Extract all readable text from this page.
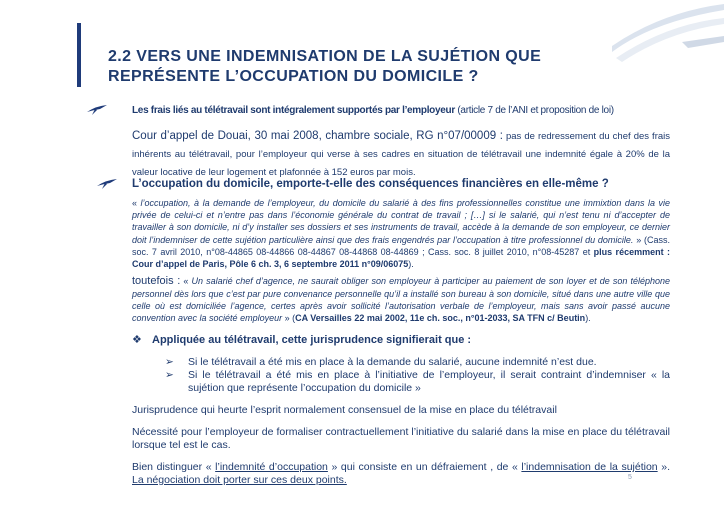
2.2 VERS UNE INDEMNISATION DE LA SUJÉTION QUE
REPRÉSENTE L’OCCUPATION DU DOMICILE ?
Les frais liés au télétravail sont intégralement supportés par l’employeur (article 7 de l’ANI et proposition de loi)
Cour d’appel de Douai, 30 mai 2008, chambre sociale, RG n°07/00009 : pas de redressement du chef des frais inhérents au télétravail, pour l’employeur qui verse à ses cadres en situation de télétravail une indemnité égale à 20% de la valeur locative de leur logement et plafonnée à 152 euros par mois.
L’occupation du domicile, emporte-t-elle des conséquences financières en elle-même ?
« l’occupation, à la demande de l’employeur, du domicile du salarié à des fins professionnelles constitue une immixtion dans la vie privée de celui-ci et n’entre pas dans l’économie générale du contrat de travail ; […] si le salarié, qui n’est tenu ni d’accepter de travailler à son domicile, ni d’y installer ses dossiers et ses instruments de travail, accède à la demande de son employeur, ce dernier doit l’indemniser de cette sujétion particulière ainsi que des frais engendrés par l’occupation à titre professionnel du domicile. » (Cass. soc. 7 avril 2010, n°08-44865 08-44866 08-44867 08-44868 08-44869 ; Cass. soc. 8 juillet 2010, n°08-45287 et plus récemment : Cour d’appel de Paris, Pôle 6 ch. 3, 6 septembre 2011 n°09/06075).
toutefois : « Un salarié chef d’agence, ne saurait obliger son employeur à participer au paiement de son loyer et de son téléphone personnel dès lors que c’est par pure convenance personnelle qu’il a installé son bureau à son domicile, situé dans une autre ville que celle où est domiciliée l’agence, certes après avoir sollicité l’autorisation verbale de l’employeur, mais sans avoir passé aucune convention avec la société employeur » (CA Versailles 22 mai 2002, 11e ch. soc., n°01-2033, SA TFN c/ Beutin).
❖ Appliquée au télétravail, cette jurisprudence signifierait que :
➢ Si le télétravail a été mis en place à la demande du salarié, aucune indemnité n’est due.
➢ Si le télétravail a été mis en place à l’initiative de l’employeur, il serait contraint d’indemniser « la sujétion que représente l’occupation du domicile »
Jurisprudence qui heurte l’esprit normalement consensuel de la mise en place du télétravail
Nécessité pour l’employeur de formaliser contractuellement l’initiative du salarié dans la mise en place du télétravail lorsque tel est le cas.
Bien distinguer « l’indemnité d’occupation » qui consiste en un défraiement , de « l’indemnisation de la sujétion ». La négociation doit porter sur ces deux points.	5
